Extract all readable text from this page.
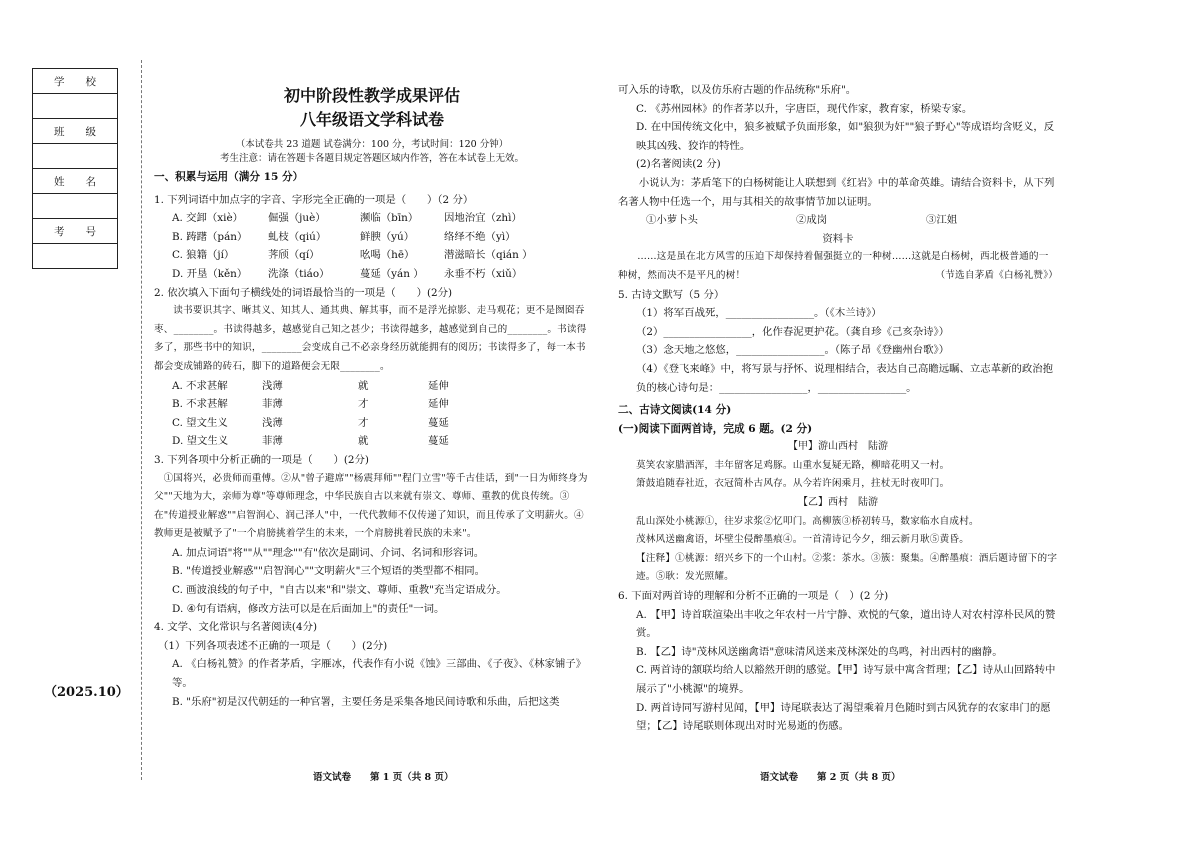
学　　校

班　　级

姓　　名

考　　号

（2025.10）
初中阶段性教学成果评估
八年级语文学科试卷
（本试卷共 23 道题 试卷满分：100 分，考试时间：120 分钟）
考生注意：请在答题卡各题目规定答题区域内作答，答在本试卷上无效。
一、积累与运用（满分 15 分）
1. 下列词语中加点字的字音、字形完全正确的一项是（　　）（2 分）
A. 交卸（xiè）	倔强（juè）	濒临（bīn）	因地治宜（zhì）
B. 踌躇（pán）	虬枝（qiú）	鲜腴（yú）	络绎不绝（yì）
C. 狼籍（jí）	荠颀（qí）	吆喝（hē）	潜滋暗长（qián ）
D. 开垦（kěn）	洗涤（tiáo）	蔓延（yán ）	永垂不朽（xiǔ）
2. 依次填入下面句子横线处的词语最恰当的一项是（　　）(2分)
读书要识其字、晰其义、知其人、通其典、解其事，而不是浮光掠影、走马观花；更不是囫囵吞枣、________。书读得越多，越感觉自己知之甚少；书读得越多，越感觉到自己的________。书读得多了，那些书中的知识，________会变成自己不必亲身经历就能拥有的阅历；书读得多了，每一本书都会变成铺路的砖石，脚下的道路便会无限________。
A. 不求甚解	浅薄	就	延伸
B. 不求甚解	菲薄	才	延伸
C. 望文生义	浅薄	才	蔓延
D. 望文生义	菲薄	就	蔓延
3. 下列各项中分析正确的一项是（　　）(2分)
①国将兴，必贵师而重傅。②从"曾子避席""杨震拜师""程门立雪"等千古佳话，到"一日为师终身为父""天地为大，亲师为尊"等尊师理念，中华民族自古以来就有崇文、尊师、重教的优良传统。③在"传道授业解惑""启智润心、润己泽人"中，一代代教师不仅传递了知识，而且传承了文明薪火。④教师更是被赋予了"一个肩膀挑着学生的未来，一个肩膀挑着民族的未来"。
A. 加点词语"将""从""理念""有"依次是副词、介词、名词和形容词。
B. "传道授业解惑""启智润心""文明薪火"三个短语的类型都不相同。
C. 画波浪线的句子中，"自古以来"和"崇文、尊师、重教"充当定语成分。
D. ④句有语病，修改方法可以是在后面加上"的责任"一词。
4. 文学、文化常识与名著阅读(4分)
（1）下列各项表述不正确的一项是（　　）(2分)
A. 《白杨礼赞》的作者茅盾，字雁冰，代表作有小说《蚀》三部曲、《子夜》、《林家铺子》等。
B. "乐府"初是汉代朝廷的一种官署，主要任务是采集各地民间诗歌和乐曲，后把这类
语文试卷　　第 1 页（共 8 页）
可入乐的诗歌，以及仿乐府古题的作品统称"乐府"。
C. 《苏州园林》的作者茅以升，字唐臣，现代作家，教育家，桥梁专家。
D. 在中国传统文化中，狼多被赋予负面形象，如"狼狈为奸""狼子野心"等成语均含贬义，反映其凶残、狡诈的特性。
(2)名著阅读(2 分)
小说认为：茅盾笔下的白杨树能让人联想到《红岩》中的革命英雄。请结合资料卡，从下列名著人物中任选一个，用与其相关的故事情节加以证明。
①小萝卜头	②成岗	③江姐
资料卡
……这是虽在北方风雪的压迫下却保持着倔强挺立的一种树……这就是白杨树，西北极普通的一种树，然而决不是平凡的树！	（节选自茅盾《白杨礼赞》）
5. 古诗文默写（5 分）
（1）将军百战死，_________________。（《木兰诗》）
（2）_________________，化作春泥更护花。（龚自珍《己亥杂诗》）
（3）念天地之悠悠，_________________。（陈子昂《登幽州台歌》）
（4）《登飞来峰》中，将写景与抒怀、说理相结合，表达自己高瞻远瞩、立志革新的政治抱负的核心诗句是：_________________，_________________。
二、古诗文阅读(14 分)
(一)阅读下面两首诗，完成 6 题。(2 分)
【甲】游山西村　陆游
莫笑农家腊酒浑，丰年留客足鸡豚。山重水复疑无路，柳暗花明又一村。
箫鼓追随春社近，衣冠简朴古风存。从今若许闲乘月，拄杖无时夜叩门。
【乙】西村　陆游
乱山深处小桃源①，往岁求浆②忆叩门。高柳簇③桥初转马，数家临水自成村。
茂林风送幽禽语，坏壁尘侵醉墨痕④。一首清诗记今夕，细云新月耿⑤黄昏。
【注释】①桃源：绍兴乡下的一个山村。②浆：茶水。③簇：聚集。④醉墨痕：酒后题诗留下的字迹。⑤耿：发光照耀。
6. 下面对两首诗的理解和分析不正确的一项是（　）(2 分)
A. 【甲】诗首联渲染出丰收之年农村一片宁静、欢悦的气象，道出诗人对农村淳朴民风的赞赏。
B. 【乙】诗"茂林风送幽禽语"意味清风送来茂林深处的鸟鸣，衬出西村的幽静。
C. 两首诗的颔联均给人以豁然开朗的感觉。【甲】诗写景中寓含哲理；【乙】诗从山回路转中展示了"小桃源"的境界。
D. 两首诗同写游村见闻，【甲】诗尾联表达了渴望乘着月色随时到古风犹存的农家串门的愿望；【乙】诗尾联则体现出对时光易逝的伤感。
语文试卷　　第 2 页（共 8 页）
